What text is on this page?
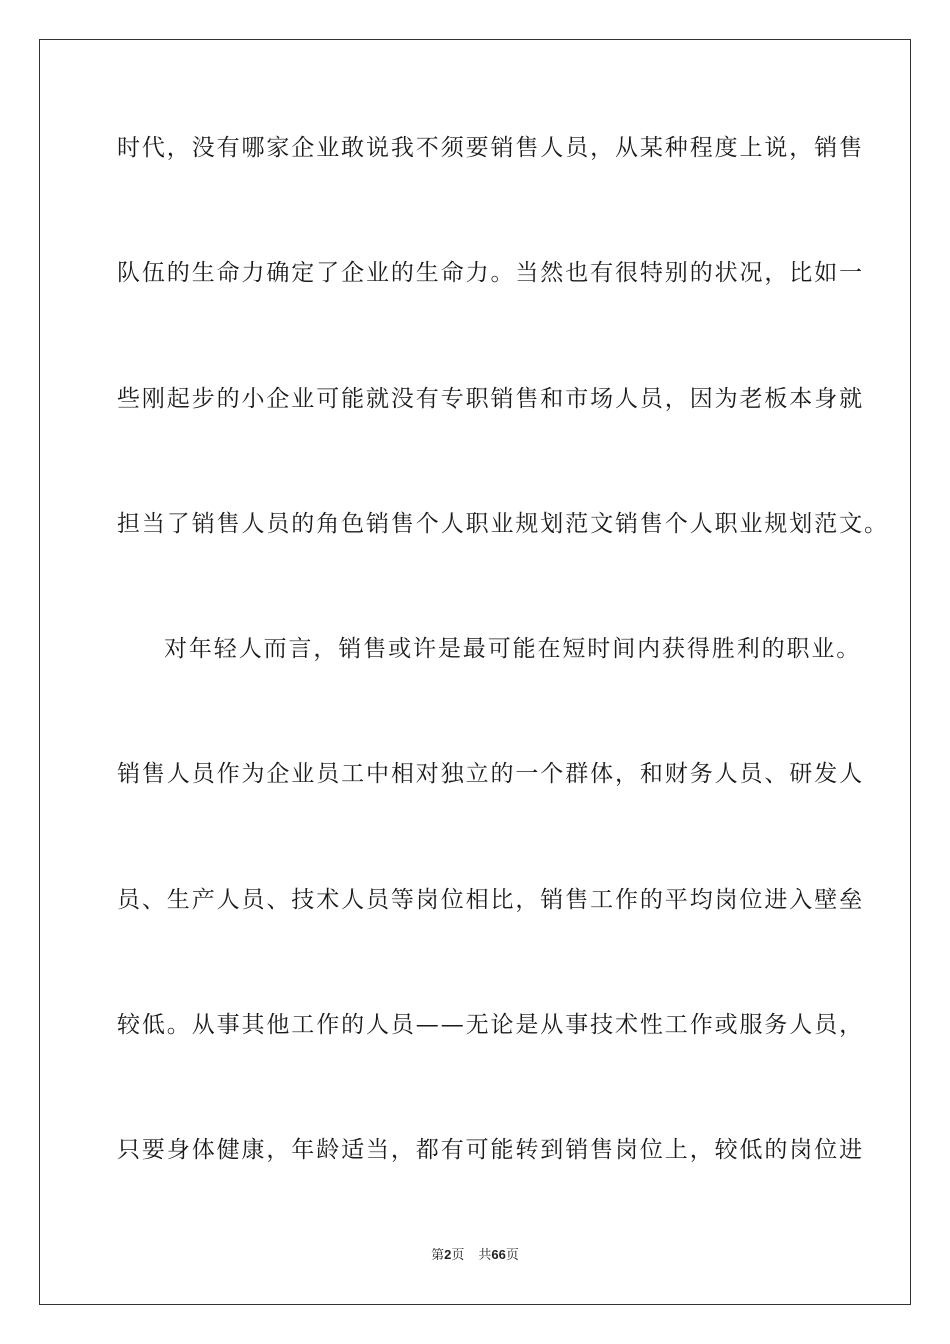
时代，没有哪家企业敢说我不须要销售人员，从某种程度上说，销售
队伍的生命力确定了企业的生命力。当然也有很特别的状况，比如一
些刚起步的小企业可能就没有专职销售和市场人员，因为老板本身就
担当了销售人员的角色销售个人职业规划范文销售个人职业规划范文。
对年轻人而言，销售或许是最可能在短时间内获得胜利的职业。
销售人员作为企业员工中相对独立的一个群体，和财务人员、研发人
员、生产人员、技术人员等岗位相比，销售工作的平均岗位进入壁垒
较低。从事其他工作的人员——无论是从事技术性工作或服务人员，
只要身体健康，年龄适当，都有可能转到销售岗位上，较低的岗位进
第2页 共66页
